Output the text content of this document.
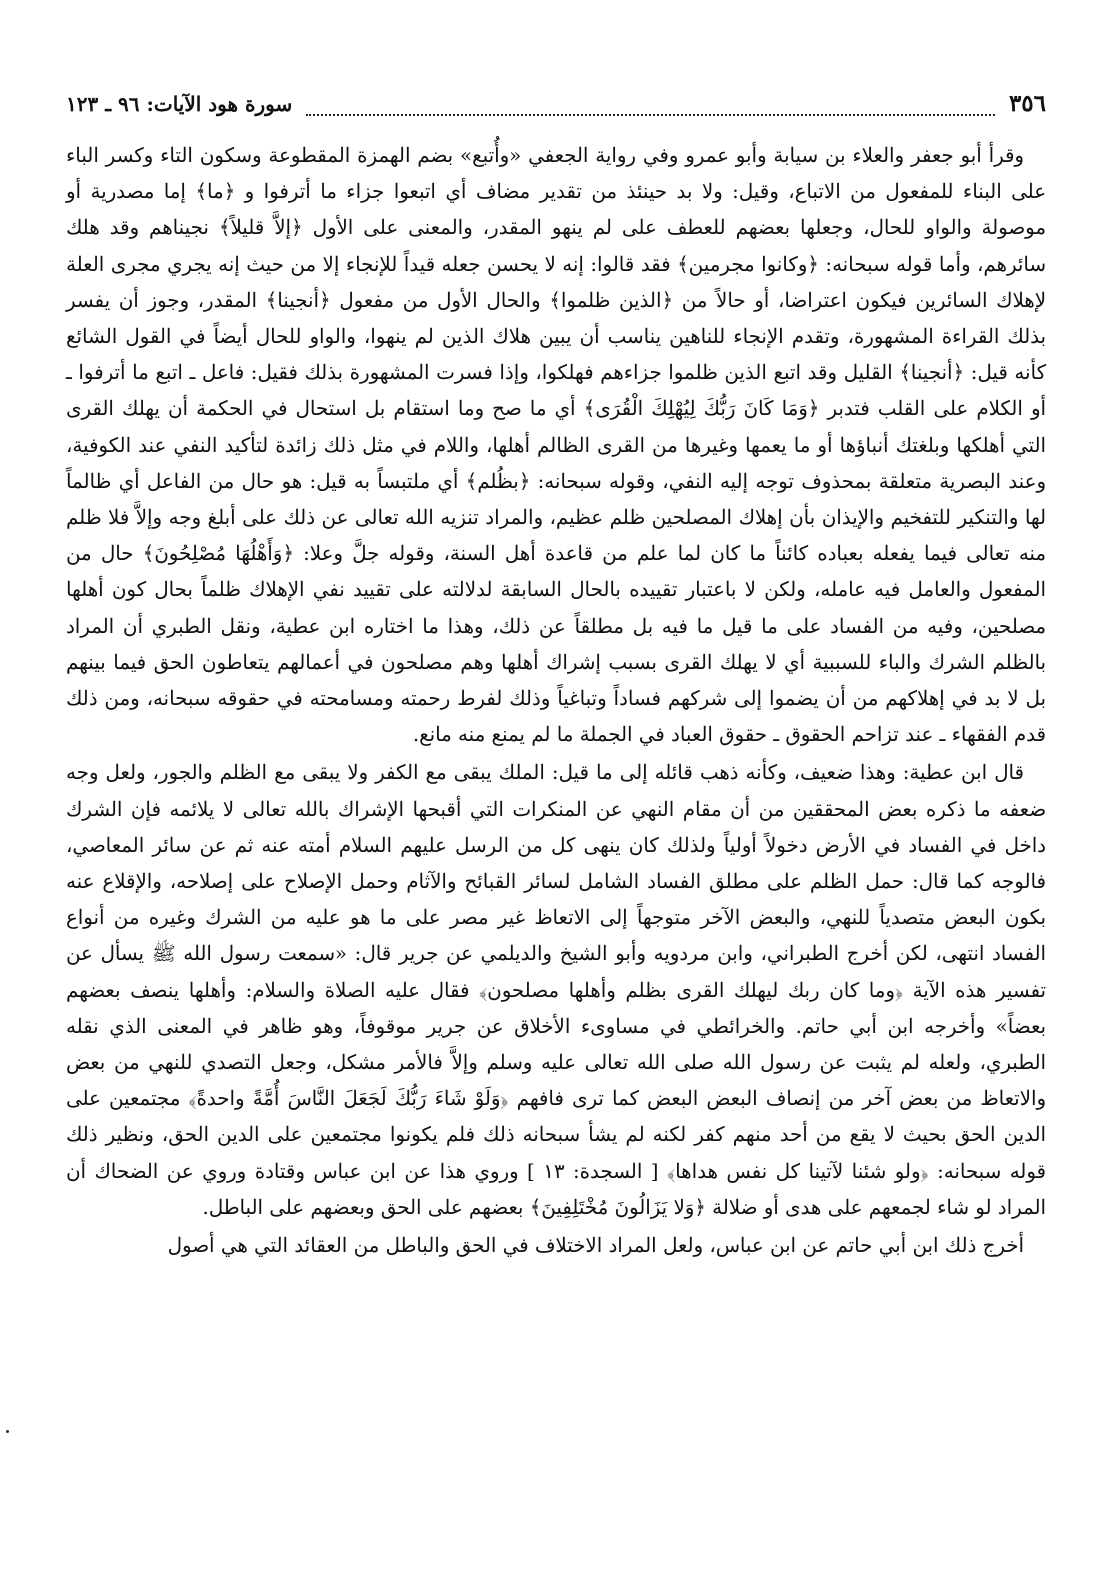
٣٥٦
سورة هود الآيات: ٩٦ ـ ١٢٣

وقرأ أبو جعفر والعلاء بن سيابة وأبو عمرو وفي رواية الجعفي «وأُتبع» بضم الهمزة المقطوعة وسكون التاء وكسر الباء على البناء للمفعول من الاتباع، وقيل: ولا بد حينئذ من تقدير مضاف أي اتبعوا جزاء ما أترفوا و ﴿ما﴾ إما مصدرية أو موصولة والواو للحال، وجعلها بعضهم للعطف على لم ينهو المقدر، والمعنى على الأول ﴿إلاَّ قليلاً﴾ نجيناهم وقد هلك سائرهم، وأما قوله سبحانه: ﴿وكانوا مجرمين﴾ فقد قالوا: إنه لا يحسن جعله قيداً للإنجاء إلا من حيث إنه يجري مجرى العلة لإهلاك السائرين فيكون اعتراضا، أو حالاً من ﴿الذين ظلموا﴾ والحال الأول من مفعول ﴿أنجينا﴾ المقدر، وجوز أن يفسر بذلك القراءة المشهورة، وتقدم الإنجاء للناهين يناسب أن يبين هلاك الذين لم ينهوا، والواو للحال أيضاً في القول الشائع كأنه قيل: ﴿أنجينا﴾ القليل وقد اتبع الذين ظلموا جزاءهم فهلكوا، وإذا فسرت المشهورة بذلك فقيل: فاعل ـ اتبع ما أترفوا ـ أو الكلام على القلب فتدبر ﴿وَمَا كَانَ رَبُّكَ لِيُهْلِكَ الْقُرَى﴾ أي ما صح وما استقام بل استحال في الحكمة أن يهلك القرى التي أهلكها وبلغتك أنباؤها أو ما يعمها وغيرها من القرى الظالم أهلها، واللام في مثل ذلك زائدة لتأكيد النفي عند الكوفية، وعند البصرية متعلقة بمحذوف توجه إليه النفي، وقوله سبحانه: ﴿بظُلم﴾ أي ملتبساً به قيل: هو حال من الفاعل أي ظالماً لها والتنكير للتفخيم والإيذان بأن إهلاك المصلحين ظلم عظيم، والمراد تنزيه الله تعالى عن ذلك على أبلغ وجه وإلاَّ فلا ظلم منه تعالى فيما يفعله بعباده كائناً ما كان لما علم من قاعدة أهل السنة، وقوله جلَّ وعلا: ﴿وَأَهْلُهَا مُصْلِحُونَ﴾ حال من المفعول والعامل فيه عامله، ولكن لا باعتبار تقييده بالحال السابقة لدلالته على تقييد نفي الإهلاك ظلماً بحال كون أهلها مصلحين، وفيه من الفساد على ما قيل ما فيه بل مطلقاً عن ذلك، وهذا ما اختاره ابن عطية، ونقل الطبري أن المراد بالظلم الشرك والباء للسببية أي لا يهلك القرى بسبب إشراك أهلها وهم مصلحون في أعمالهم يتعاطون الحق فيما بينهم بل لا بد في إهلاكهم من أن يضموا إلى شركهم فساداً وتباغياً وذلك لفرط رحمته ومسامحته في حقوقه سبحانه، ومن ذلك قدم الفقهاء ـ عند تزاحم الحقوق ـ حقوق العباد في الجملة ما لم يمنع منه مانع.

قال ابن عطية: وهذا ضعيف، وكأنه ذهب قائله إلى ما قيل: الملك يبقى مع الكفر ولا يبقى مع الظلم والجور، ولعل وجه ضعفه ما ذكره بعض المحققين من أن مقام النهي عن المنكرات التي أقبحها الإشراك بالله تعالى لا يلائمه فإن الشرك داخل في الفساد في الأرض دخولاً أولياً ولذلك كان ينهى كل من الرسل عليهم السلام أمته عنه ثم عن سائر المعاصي، فالوجه كما قال: حمل الظلم على مطلق الفساد الشامل لسائر القبائح والآثام وحمل الإصلاح على إصلاحه، والإقلاع عنه بكون البعض متصدياً للنهي، والبعض الآخر متوجهاً إلى الاتعاظ غير مصر على ما هو عليه من الشرك وغيره من أنواع الفساد انتهى، لكن أخرج الطبراني، وابن مردويه وأبو الشيخ والديلمي عن جرير قال: «سمعت رسول الله ﷺ يسأل عن تفسير هذه الآية ﴿وما كان ربك ليهلك القرى بظلم وأهلها مصلحون﴾ فقال عليه الصلاة والسلام: وأهلها ينصف بعضهم بعضاً» وأخرجه ابن أبي حاتم. والخرائطي في مساوىء الأخلاق عن جرير موقوفاً، وهو ظاهر في المعنى الذي نقله الطبري، ولعله لم يثبت عن رسول الله صلى الله تعالى عليه وسلم وإلاَّ فالأمر مشكل، وجعل التصدي للنهي من بعض والاتعاظ من بعض آخر من إنصاف البعض البعض كما ترى فافهم ﴿وَلَوْ شَاءَ رَبُّكَ لَجَعَلَ النَّاسَ أُمَّةً واحدةً﴾ مجتمعين على الدين الحق بحيث لا يقع من أحد منهم كفر لكنه لم يشأ سبحانه ذلك فلم يكونوا مجتمعين على الدين الحق، ونظير ذلك قوله سبحانه: ﴿ولو شئنا لآتينا كل نفس هداها﴾ [ السجدة: ١٣ ] وروي هذا عن ابن عباس وقتادة وروي عن الضحاك أن المراد لو شاء لجمعهم على هدى أو ضلالة ﴿وَلا يَزَالُونَ مُخْتَلِفِينَ﴾ بعضهم على الحق وبعضهم على الباطل.

أخرج ذلك ابن أبي حاتم عن ابن عباس، ولعل المراد الاختلاف في الحق والباطل من العقائد التي هي أصول
